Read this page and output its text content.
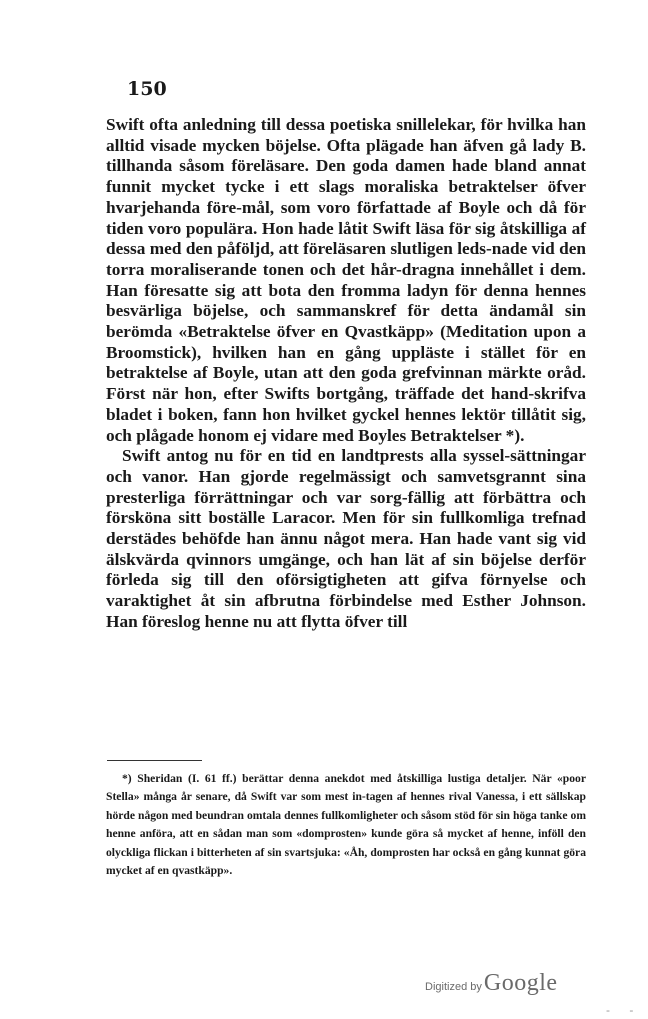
150

Swift ofta anledning till dessa poetiska snillelekar, för hvilka han alltid visade mycken böjelse. Ofta plägade han äfven gå lady B. tillhanda såsom föreläsare. Den goda damen hade bland annat funnit mycket tycke i ett slags moraliska betraktelser öfver hvarjehanda före-mål, som voro författade af Boyle och då för tiden voro populära. Hon hade låtit Swift läsa för sig åtskilliga af dessa med den påföljd, att föreläsaren slutligen leds-nade vid den torra moraliserande tonen och det hår-dragna innehållet i dem. Han föresatte sig att bota den fromma ladyn för denna hennes besvärliga böjelse, och sammanskref för detta ändamål sin berömda «Betraktelse öfver en Qvastkäpp» (Meditation upon a Broomstick), hvilken han en gång uppläste i stället för en betraktelse af Boyle, utan att den goda grefvinnan märkte oråd. Först när hon, efter Swifts bortgång, träffade det hand-skrifva bladet i boken, fann hon hvilket gyckel hennes lektör tillåtit sig, och plågade honom ej vidare med Boyles Betraktelser *).

Swift antog nu för en tid en landtprests alla syssel-sättningar och vanor. Han gjorde regelmässigt och samvetsgrannt sina presterliga förrättningar och var sorg-fällig att förbättra och försköna sitt boställe Laracor. Men för sin fullkomliga trefnad derstädes behöfde han ännu något mera. Han hade vant sig vid älskvärda qvinnors umgänge, och han lät af sin böjelse derför förleda sig till den oförsigtigheten att gifva förnyelse och varaktighet åt sin afbrutna förbindelse med Esther Johnson. Han föreslog henne nu att flytta öfver till

*) Sheridan (I. 61 ff.) berättar denna anekdot med åtskilliga lustiga detaljer. När «poor Stella» många år senare, då Swift var som mest in-tagen af hennes rival Vanessa, i ett sällskap hörde någon med beundran omtala dennes fullkomligheter och såsom stöd för sin höga tanke om henne anföra, att en sådan man som «domprosten» kunde göra så mycket af henne, inföll den olyckliga flickan i bitterheten af sin svartsjuka: «Åh, domprosten har också en gång kunnat göra mycket af en qvastkäpp».
Digitized by Google
- -
